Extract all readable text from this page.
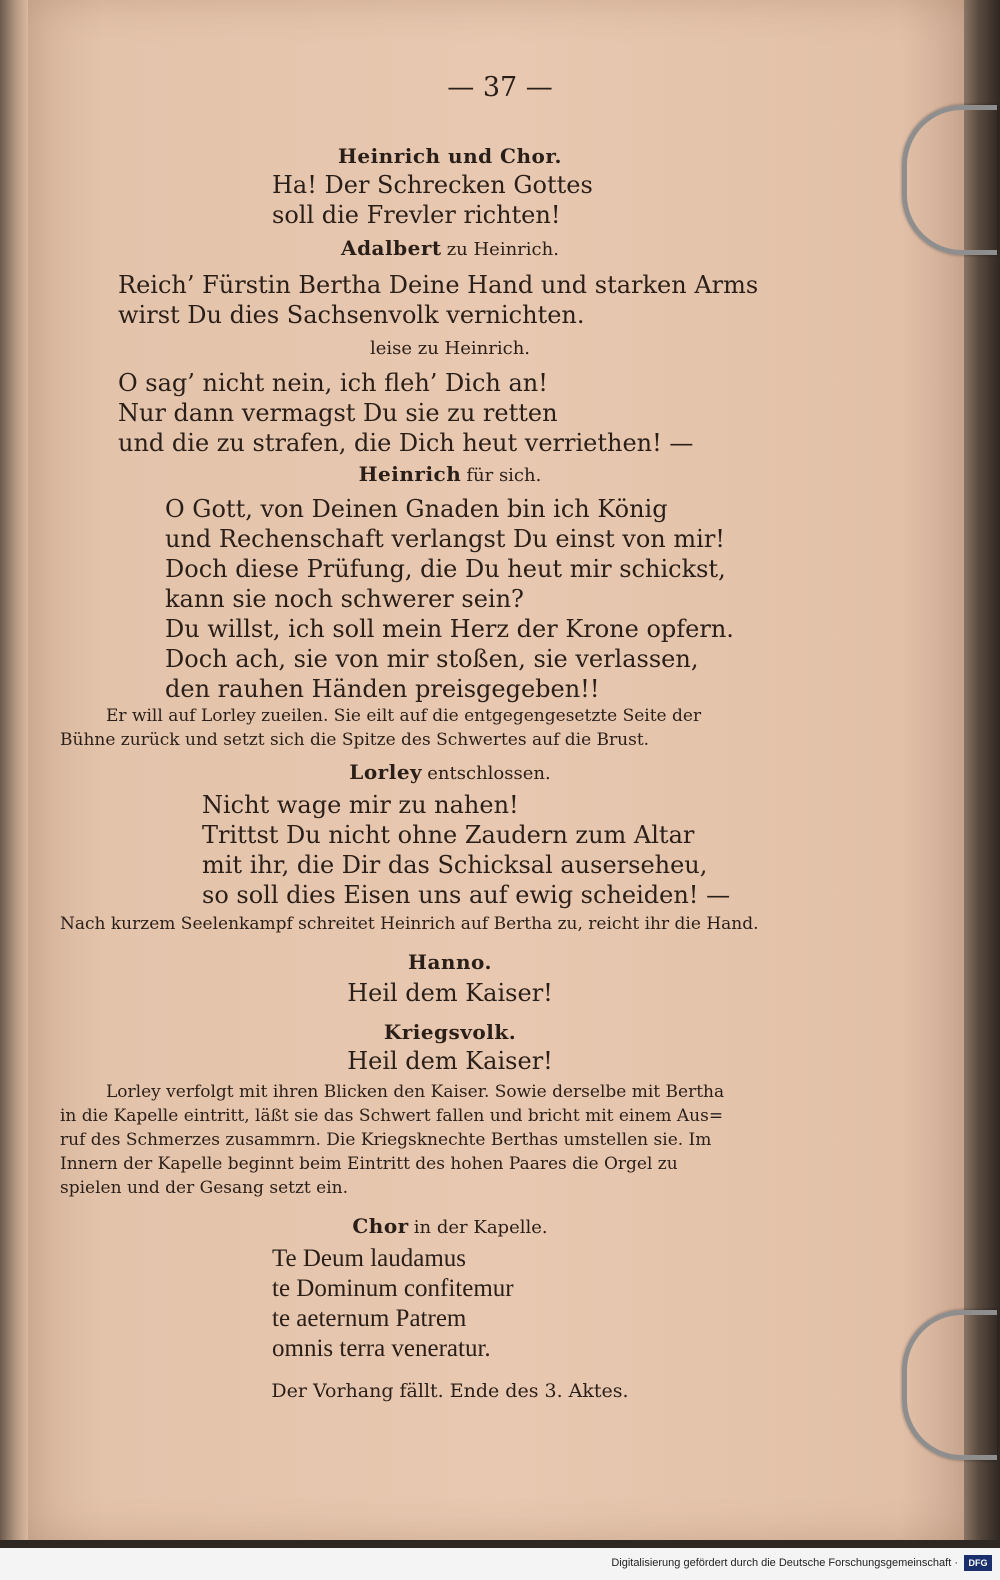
— 37 —
Heinrich und Chor.
Ha! Der Schrecken Gottes
soll die Frevler richten!
Adalbert zu Heinrich.
Reich’ Fürstin Bertha Deine Hand und starken Arms
wirst Du dies Sachsenvolk vernichten.
leise zu Heinrich.
O sag’ nicht nein, ich fleh’ Dich an!
Nur dann vermagst Du sie zu retten
und die zu strafen, die Dich heut verriethen! —
Heinrich für sich.
O Gott, von Deinen Gnaden bin ich König
und Rechenschaft verlangst Du einst von mir!
Doch diese Prüfung, die Du heut mir schickst,
kann sie noch schwerer sein?
Du willst, ich soll mein Herz der Krone opfern.
Doch ach, sie von mir stoßen, sie verlassen,
den rauhen Händen preisgegeben!!
Er will auf Lorley zueilen. Sie eilt auf die entgegengesetzte Seite der
Bühne zurück und setzt sich die Spitze des Schwertes auf die Brust.
Lorley entschlossen.
Nicht wage mir zu nahen!
Trittst Du nicht ohne Zaudern zum Altar
mit ihr, die Dir das Schicksal auserseheu,
so soll dies Eisen uns auf ewig scheiden! —
Nach kurzem Seelenkampf schreitet Heinrich auf Bertha zu, reicht ihr die Hand.
Hanno.
Heil dem Kaiser!
Kriegsvolk.
Heil dem Kaiser!
Lorley verfolgt mit ihren Blicken den Kaiser. Sowie derselbe mit Bertha
in die Kapelle eintritt, läßt sie das Schwert fallen und bricht mit einem Aus=
ruf des Schmerzes zusammrn. Die Kriegsknechte Berthas umstellen sie. Im
Innern der Kapelle beginnt beim Eintritt des hohen Paares die Orgel zu
spielen und der Gesang setzt ein.
Chor in der Kapelle.
Te Deum laudamus
te Dominum confitemur
te aeternum Patrem
omnis terra veneratur.
Der Vorhang fällt. Ende des 3. Aktes.
Digitalisierung gefördert durch die Deutsche Forschungsgemeinschaft ·	DFG
